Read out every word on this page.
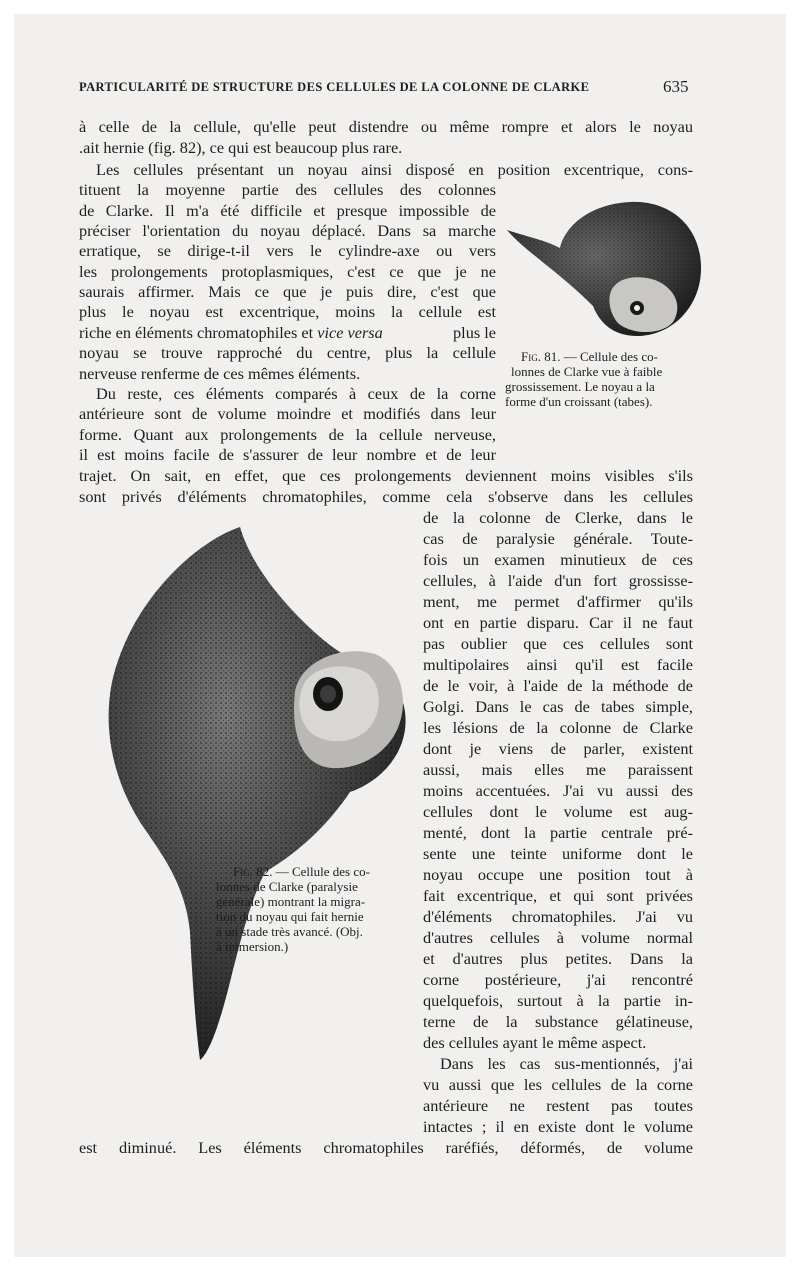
PARTICULARITÉ DE STRUCTURE DES CELLULES DE LA COLONNE DE CLARKE	635
à celle de la cellule, qu'elle peut distendre ou même rompre et alors le noyau
.ait hernie (fig. 82), ce qui est beaucoup plus rare.
Les cellules présentant un noyau ainsi disposé en position excentrique, cons-
tituent la moyenne partie des cellules des colonnes
de Clarke. Il m'a été difficile et presque impossible de
préciser l'orientation du noyau déplacé. Dans sa marche
erratique, se dirige-t-il vers le cylindre-axe ou vers
les prolongements protoplasmiques, c'est ce que je ne
saurais affirmer. Mais ce que je puis dire, c'est que
plus le noyau est excentrique, moins la cellule est
riche en éléments chromatophiles et vice versa	plus le
noyau se trouve rapproché du centre, plus la cellule
nerveuse renferme de ces mêmes éléments.
Du reste, ces éléments comparés à ceux de la corne
antérieure sont de volume moindre et modifiés dans leur
forme. Quant aux prolongements de la cellule nerveuse,
il est moins facile de s'assurer de leur nombre et de leur
Fig. 81. — Cellule des co-
lonnes de Clarke vue à faible
grossissement. Le noyau a la
forme d'un croissant (tabes).
trajet. On sait, en effet, que ces prolongements deviennent moins visibles s'ils
sont privés d'éléments chromatophiles, comme cela s'observe dans les cellules
de la colonne de Clerke, dans le
cas de paralysie générale. Toute-
fois un examen minutieux de ces
cellules, à l'aide d'un fort grossisse-
ment, me permet d'affirmer qu'ils
ont en partie disparu. Car il ne faut
pas oublier que ces cellules sont
multipolaires ainsi qu'il est facile
de le voir, à l'aide de la méthode de
Golgi. Dans le cas de tabes simple,
les lésions de la colonne de Clarke
dont je viens de parler, existent
aussi, mais elles me paraissent
moins accentuées. J'ai vu aussi des
cellules dont le volume est aug-
menté, dont la partie centrale pré-
sente une teinte uniforme dont le
noyau occupe une position tout à
fait excentrique, et qui sont privées
d'éléments chromatophiles. J'ai vu
d'autres cellules à volume normal
et d'autres plus petites. Dans la
corne postérieure, j'ai rencontré
quelquefois, surtout à la partie in-
terne de la substance gélatineuse,
des cellules ayant le même aspect.
Dans les cas sus-mentionnés, j'ai
vu aussi que les cellules de la corne
antérieure ne restent pas toutes
intactes ; il en existe dont le volume
est diminué. Les éléments chromatophiles raréfiés, déformés, de volume
Fig. 82. — Cellule des co-
lonnes de Clarke (paralysie
générale) montrant la migra-
tion du noyau qui fait hernie
à un stade très avancé. (Obj.
à immersion.)
